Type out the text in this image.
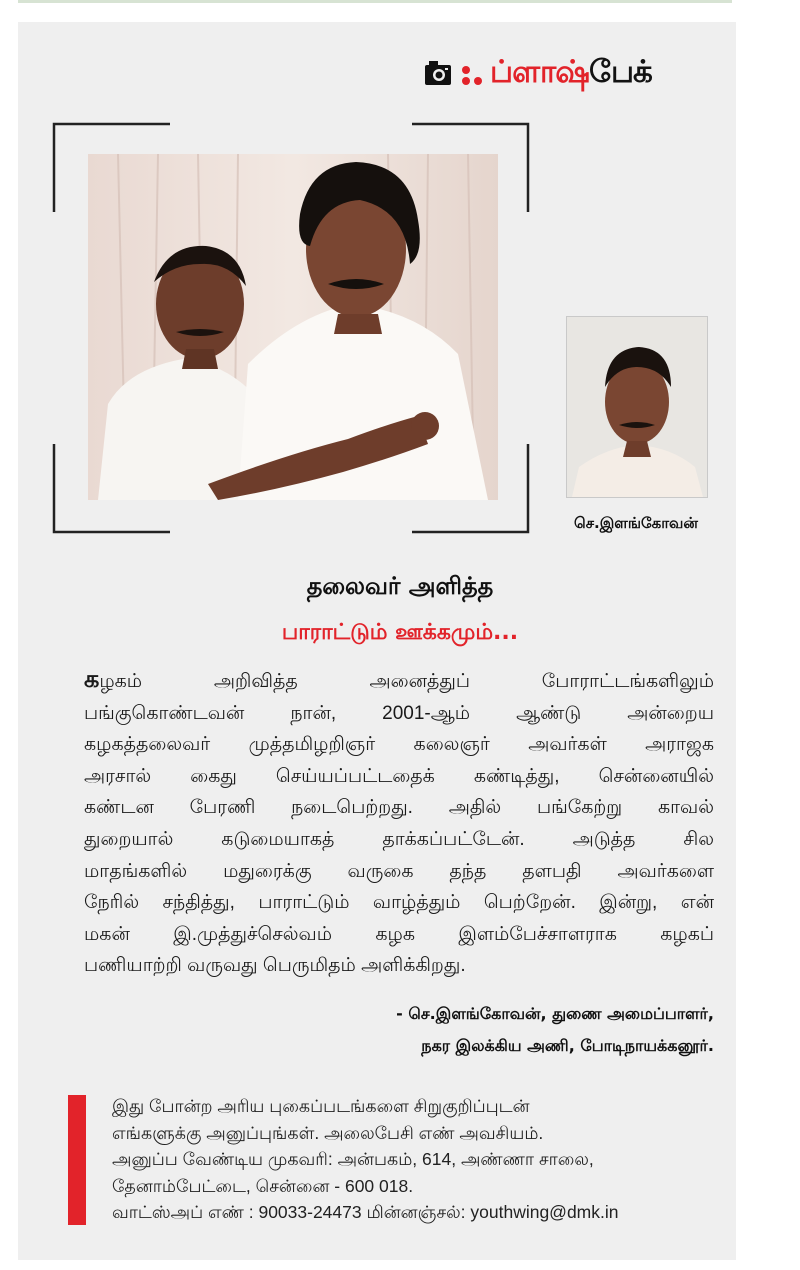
ப்ளாஷ்பேக்
செ.இளங்கோவன்
தலைவர் அளித்த
பாராட்டும் ஊக்கமும்...
கழகம் அறிவித்த அனைத்துப் போராட்டங்களிலும்
பங்குகொண்டவன் நான், 2001-ஆம் ஆண்டு அன்றைய
கழகத்தலைவர் முத்தமிழறிஞர் கலைஞர் அவர்கள் அராஜக
அரசால் கைது செய்யப்பட்டதைக் கண்டித்து, சென்னையில்
கண்டன பேரணி நடைபெற்றது. அதில் பங்கேற்று காவல்
துறையால் கடுமையாகத் தாக்கப்பட்டேன். அடுத்த சில
மாதங்களில் மதுரைக்கு வருகை தந்த தளபதி அவர்களை
நேரில் சந்தித்து, பாராட்டும் வாழ்த்தும் பெற்றேன். இன்று, என்
மகன் இ.முத்துச்செல்வம் கழக இளம்பேச்சாளராக கழகப்
பணியாற்றி வருவது பெருமிதம் அளிக்கிறது.
- செ.இளங்கோவன், துணை அமைப்பாளர்,
நகர இலக்கிய அணி, போடிநாயக்கனூர்.
இது போன்ற அரிய புகைப்படங்களை சிறுகுறிப்புடன்
எங்களுக்கு அனுப்புங்கள். அலைபேசி எண் அவசியம்.
அனுப்ப வேண்டிய முகவரி: அன்பகம், 614, அண்ணா சாலை,
தேனாம்பேட்டை, சென்னை - 600 018.
வாட்ஸ்அப் எண் : 90033-24473 மின்னஞ்சல்: youthwing@dmk.in
